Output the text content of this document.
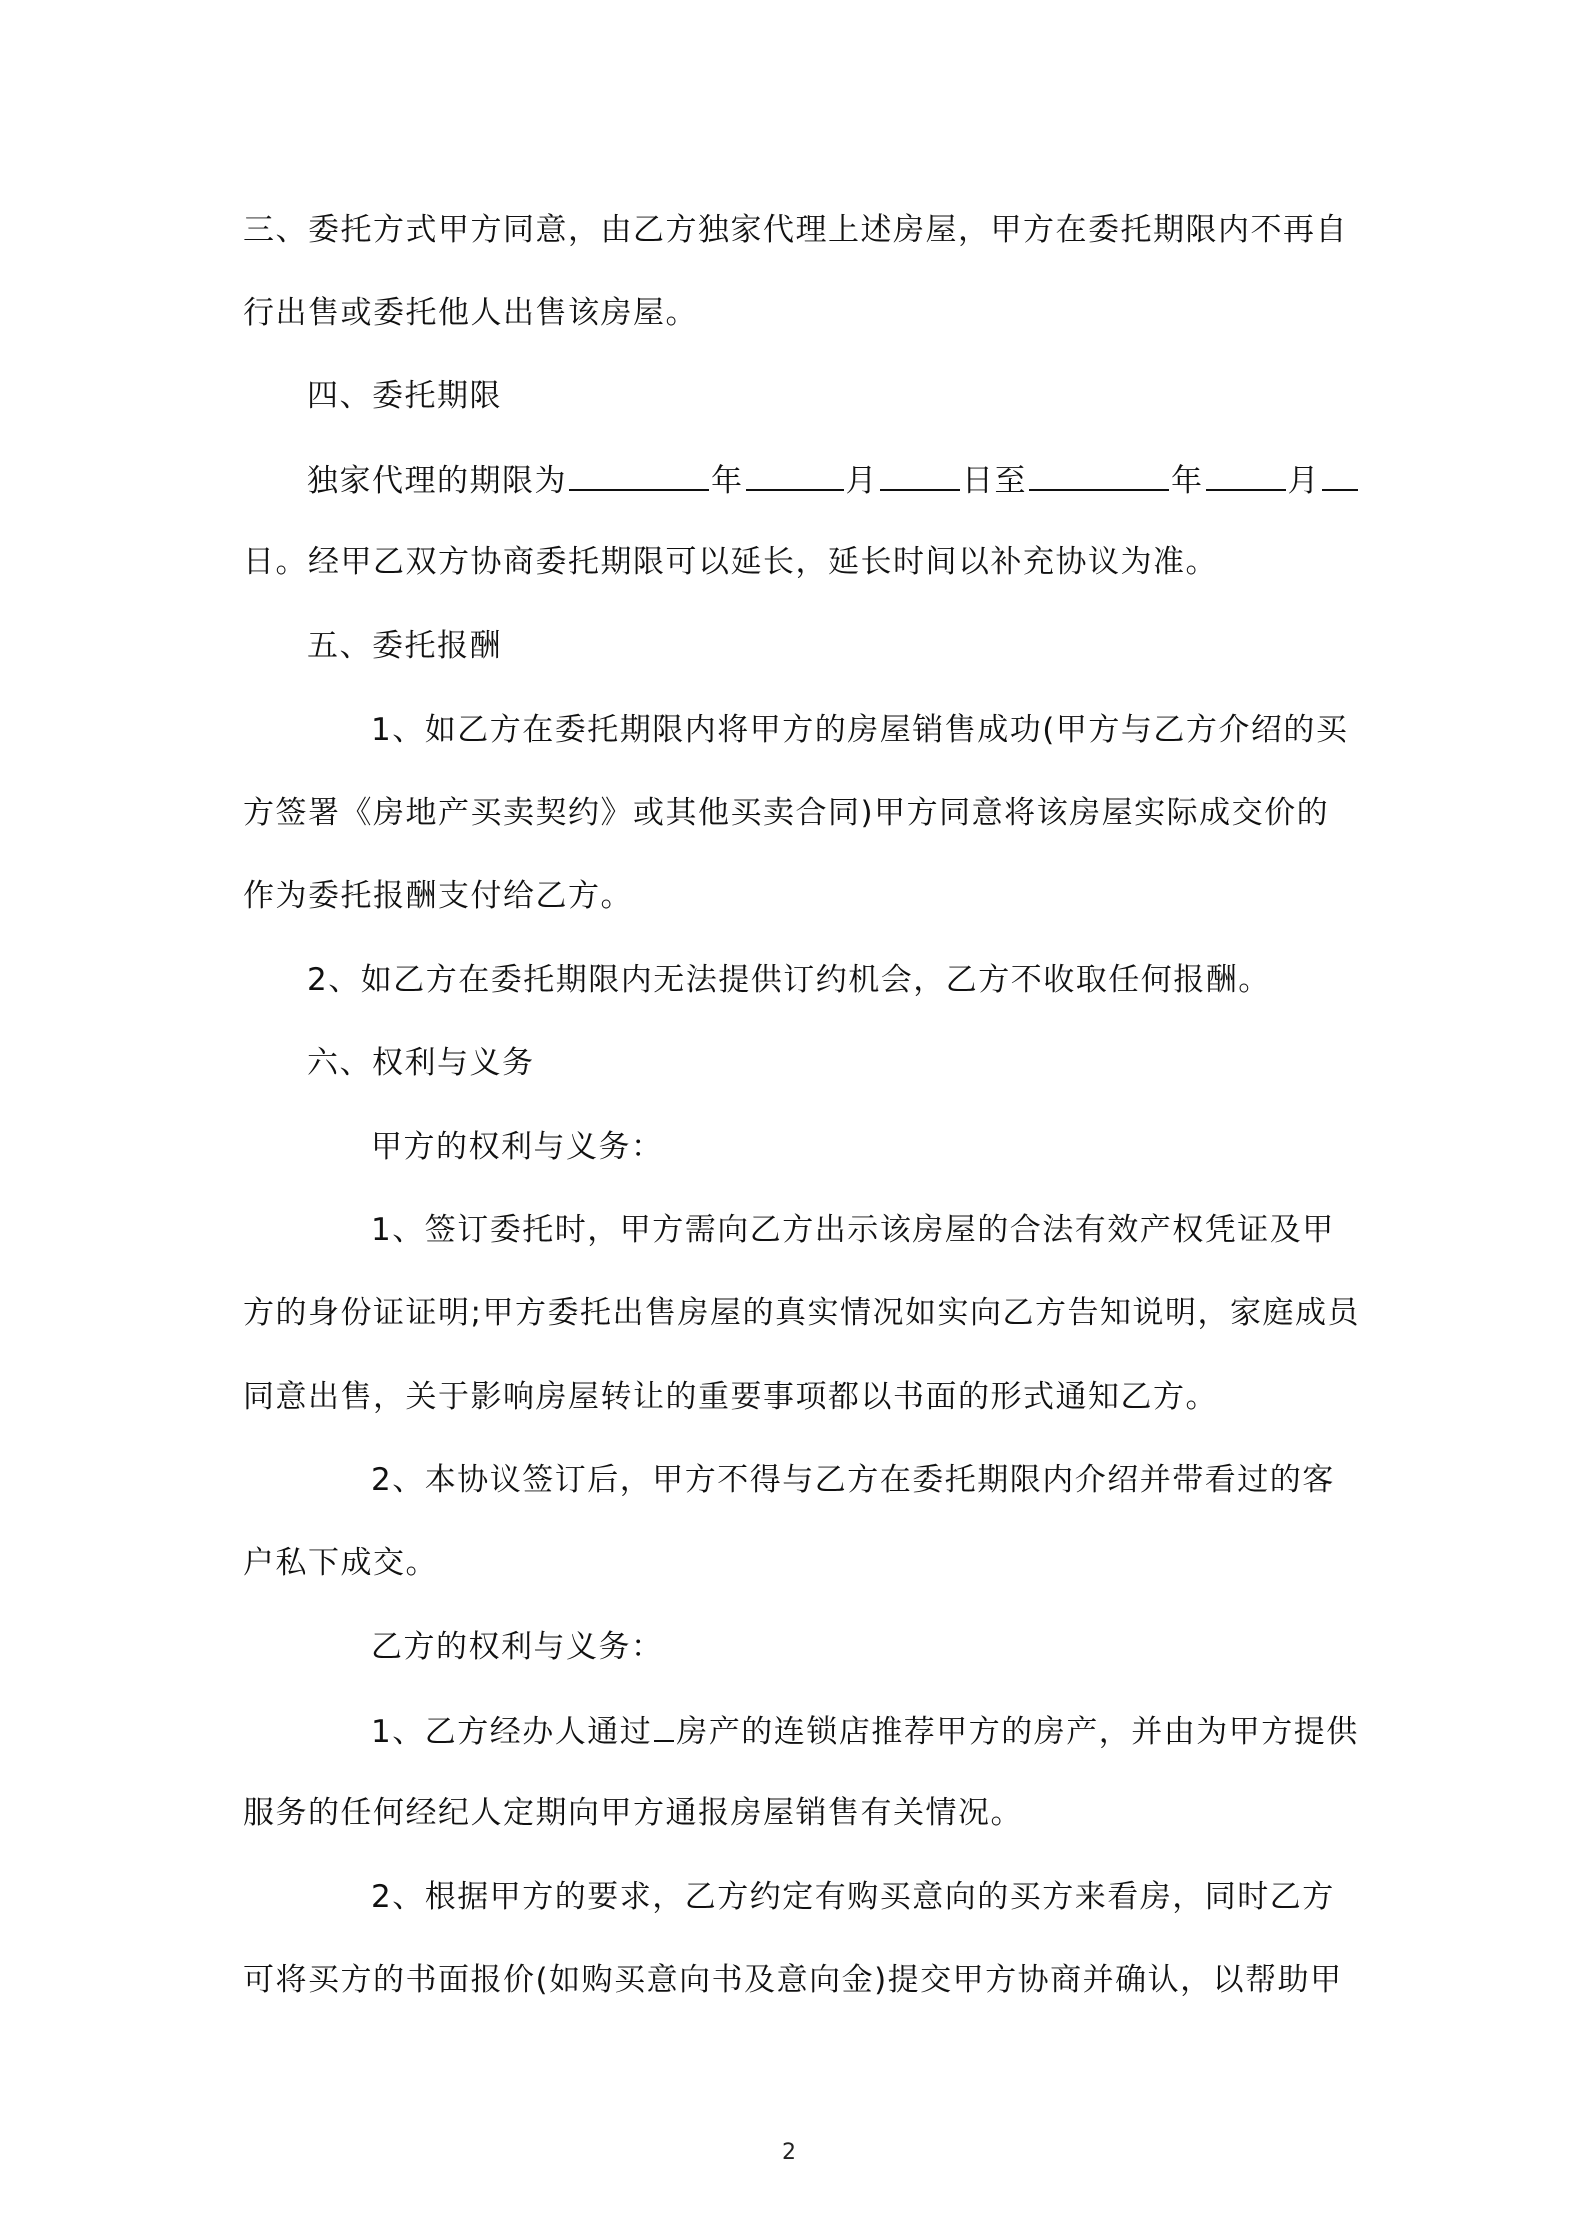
三、委托方式甲方同意，由乙方独家代理上述房屋，甲方在委托期限内不再自
行出售或委托他人出售该房屋。
四、委托期限
独家代理的期限为	年	月	日至	年	月
日。经甲乙双方协商委托期限可以延长，延长时间以补充协议为准。
五、委托报酬
1、如乙方在委托期限内将甲方的房屋销售成功(甲方与乙方介绍的买
方签署《房地产买卖契约》或其他买卖合同)甲方同意将该房屋实际成交价的
作为委托报酬支付给乙方。
2、如乙方在委托期限内无法提供订约机会，乙方不收取任何报酬。
六、权利与义务
甲方的权利与义务：
1、签订委托时，甲方需向乙方出示该房屋的合法有效产权凭证及甲
方的身份证证明;甲方委托出售房屋的真实情况如实向乙方告知说明，家庭成员
同意出售，关于影响房屋转让的重要事项都以书面的形式通知乙方。
2、本协议签订后，甲方不得与乙方在委托期限内介绍并带看过的客
户私下成交。
乙方的权利与义务：
1、乙方经办人通过 房产的连锁店推荐甲方的房产，并由为甲方提供
服务的任何经纪人定期向甲方通报房屋销售有关情况。
2、根据甲方的要求，乙方约定有购买意向的买方来看房，同时乙方
可将买方的书面报价(如购买意向书及意向金)提交甲方协商并确认，以帮助甲
2
